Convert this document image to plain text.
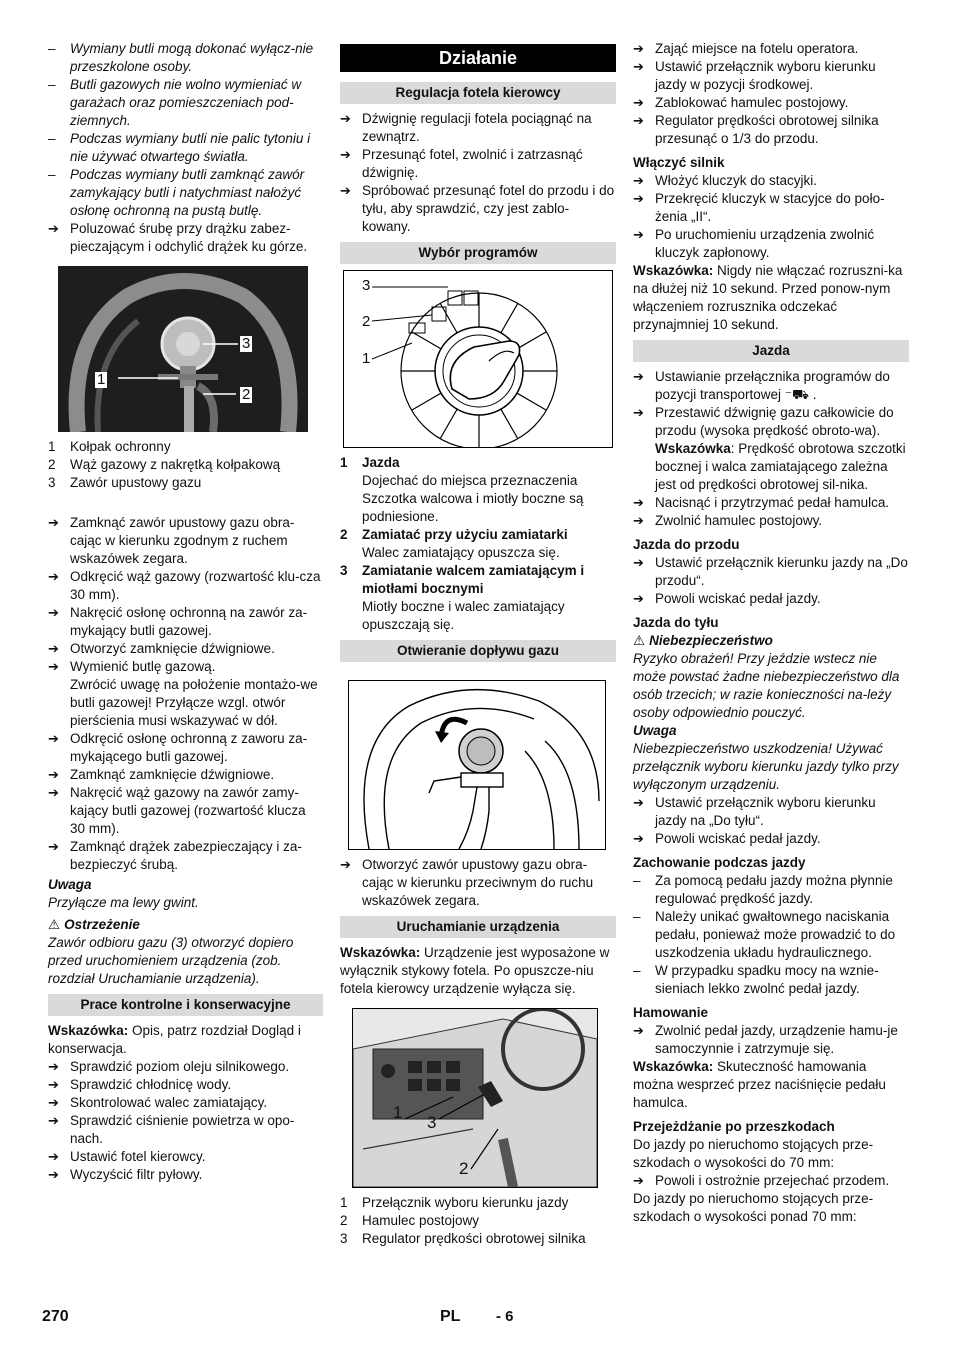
– Wymiany butli mogą dokonać wyłącz-nie przeszkolone osoby.

– Butli gazowych nie wolno wymieniać w garażach oraz pomieszczeniach pod-ziemnych.

– Podczas wymiany butli nie palic tytoniu i nie używać otwartego światła.

– Podczas wymiany butli zamknąć zawór zamykający butli i natychmiast nałożyć osłonę ochronną na pustą butlę.

➔ Poluzować śrubę przy drążku zabez-pieczającym i odchylić drążek ku górze.

3
1
2

1 Kołpak ochronny

2 Wąż gazowy z nakrętką kołpakową

3 Zawór upustowy gazu

➔ Zamknąć zawór upustowy gazu obra-cając w kierunku zgodnym z ruchem wskazówek zegara.

➔ Odkręcić wąż gazowy (rozwartość klu-cza 30 mm).

➔ Nakręcić osłonę ochronną na zawór za-mykający butli gazowej.

➔ Otworzyć zamknięcie dźwigniowe.

➔ Wymienić butlę gazową.

Zwrócić uwagę na położenie montażo-we butli gazowej! Przyłącze wzgl. otwór pierścienia musi wskazywać w dół.

➔ Odkręcić osłonę ochronną z zaworu za-mykającego butli gazowej.

➔ Zamknąć zamknięcie dźwigniowe.

➔ Nakręcić wąż gazowy na zawór zamy-kający butli gazowej (rozwartość klucza 30 mm).

➔ Zamknąć drążek zabezpieczający i za-bezpieczyć śrubą.

Uwaga

Przyłącze ma lewy gwint.

⚠ Ostrzeżenie

Zawór odbioru gazu (3) otworzyć dopiero przed uruchomieniem urządzenia (zob. rozdział Uruchamianie urządzenia).

Prace kontrolne i konserwacyjne

Wskazówka: Opis, patrz rozdział Dogląd i konserwacja.

➔ Sprawdzić poziom oleju silnikowego.

➔ Sprawdzić chłodnicę wody.

➔ Skontrolować walec zamiatający.

➔ Sprawdzić ciśnienie powietrza w opo-nach.

➔ Ustawić fotel kierowcy.

➔ Wyczyścić filtr pyłowy.

Działanie
Regulacja fotela kierowcy

➔ Dźwignię regulacji fotela pociągnąć na zewnątrz.

➔ Przesunąć fotel, zwolnić i zatrzasnąć dźwignię.

➔ Spróbować przesunąć fotel do przodu i do tyłu, aby sprawdzić, czy jest zablo-kowany.

Wybór programów
3
2
1

1 Jazda

Dojechać do miejsca przeznaczenia Szczotka walcowa i miotły boczne są podniesione.

2 Zamiatać przy użyciu zamiatarki

Walec zamiatający opuszcza się.

3 Zamiatanie walcem zamiatającym i miotłami bocznymi

Miotły boczne i walec zamiatający opuszczają się.

Otwieranie dopływu gazu

➔ Otworzyć zawór upustowy gazu obra-cając w kierunku przeciwnym do ruchu wskazówek zegara.

Uruchamianie urządzenia

Wskazówka: Urządzenie jest wyposażone w wyłącznik stykowy fotela. Po opuszcze-niu fotela kierowcy urządzenie wyłącza się.

1
3
2

1 Przełącznik wyboru kierunku jazdy

2 Hamulec postojowy

3 Regulator prędkości obrotowej silnika

➔ Zająć miejsce na fotelu operatora.

➔ Ustawić przełącznik wyboru kierunku jazdy w pozycji środkowej.

➔ Zablokować hamulec postojowy.

➔ Regulator prędkości obrotowej silnika przesunąć o 1/3 do przodu.

Włączyć silnik

➔ Włożyć kluczyk do stacyjki.

➔ Przekręcić kluczyk w stacyjce do poło-żenia „II“.

➔ Po uruchomieniu urządzenia zwolnić kluczyk zapłonowy.

Wskazówka: Nigdy nie włączać rozruszni-ka na dłużej niż 10 sekund. Przed ponow-nym włączeniem rozrusznika odczekać przynajmniej 10 sekund.

Jazda

➔ Ustawianie przełącznika programów do pozycji transportowej ⁻⛟ .

➔ Przestawić dźwignię gazu całkowicie do przodu (wysoka prędkość obroto-wa).

Wskazówka: Prędkość obrotowa szczotki bocznej i walca zamiatającego zależna jest od prędkości obrotowej sil-nika.

➔ Nacisnąć i przytrzymać pedał hamulca.

➔ Zwolnić hamulec postojowy.

Jazda do przodu

➔ Ustawić przełącznik kierunku jazdy na „Do przodu“.

➔ Powoli wciskać pedał jazdy.

Jazda do tyłu

⚠ Niebezpieczeństwo

Ryzyko obrażeń! Przy jeździe wstecz nie może powstać żadne niebezpieczeństwo dla osób trzecich; w razie konieczności na-leży osoby odpowiednio pouczyć.

Uwaga

Niebezpieczeństwo uszkodzenia! Używać przełącznik wyboru kierunku jazdy tylko przy wyłączonym urządzeniu.

➔ Ustawić przełącznik wyboru kierunku jazdy na „Do tyłu“.

➔ Powoli wciskać pedał jazdy.

Zachowanie podczas jazdy

– Za pomocą pedału jazdy można płynnie regulować prędkość jazdy.

– Należy unikać gwałtownego naciskania pedału, ponieważ może prowadzić to do uszkodzenia układu hydraulicznego.

– W przypadku spadku mocy na wznie-sieniach lekko zwolnć pedał jazdy.

Hamowanie

➔ Zwolnić pedał jazdy, urządzenie hamu-je samoczynnie i zatrzymuje się.

Wskazówka: Skuteczność hamowania można wesprzeć przez naciśnięcie pedału hamulca.

Przejeżdżanie po przeszkodach

Do jazdy po nieruchomo stojących prze-szkodach o wysokości do 70 mm:

➔ Powoli i ostrożnie przejechać przodem.

Do jazdy po nieruchomo stojących prze-szkodach o wysokości ponad 70 mm:

270	PL - 6
